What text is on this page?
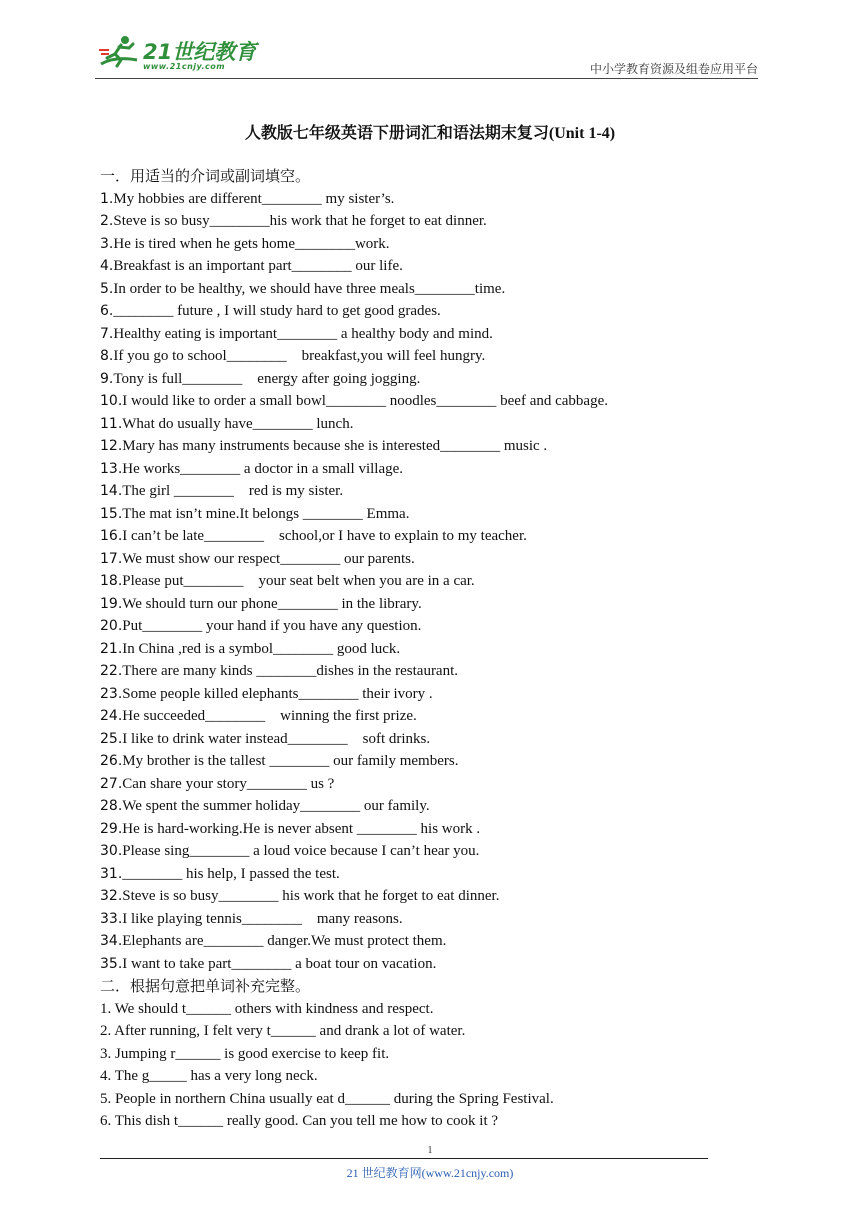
21世纪教育
www.21cnjy.com	中小学教育资源及组卷应用平台
人教版七年级英语下册词汇和语法期末复习(Unit 1-4)
一．用适当的介词或副词填空。
1.My hobbies are different________ my sister’s.
2.Steve is so busy________his work that he forget to eat dinner.
3.He is tired when he gets home________work.
4.Breakfast is an important part________ our life.
5.In order to be healthy, we should have three meals________time.
6.________ future , I will study hard to get good grades.
7.Healthy eating is important________ a healthy body and mind.
8.If you go to school________    breakfast,you will feel hungry.
9.Tony is full________    energy after going jogging.
10.I would like to order a small bowl________ noodles________ beef and cabbage.
11.What do usually have________ lunch.
12.Mary has many instruments because she is interested________ music .
13.He works________ a doctor in a small village.
14.The girl ________    red is my sister.
15.The mat isn’t mine.It belongs ________ Emma.
16.I can’t be late________    school,or I have to explain to my teacher.
17.We must show our respect________ our parents.
18.Please put________    your seat belt when you are in a car.
19.We should turn our phone________ in the library.
20.Put________ your hand if you have any question.
21.In China ,red is a symbol________ good luck.
22.There are many kinds ________dishes in the restaurant.
23.Some people killed elephants________ their ivory .
24.He succeeded________    winning the first prize.
25.I like to drink water instead________    soft drinks.
26.My brother is the tallest ________ our family members.
27.Can share your story________ us ?
28.We spent the summer holiday________ our family.
29.He is hard-working.He is never absent ________ his work .
30.Please sing________ a loud voice because I can’t hear you.
31.________ his help, I passed the test.
32.Steve is so busy________ his work that he forget to eat dinner.
33.I like playing tennis________    many reasons.
34.Elephants are________ danger.We must protect them.
35.I want to take part________ a boat tour on vacation.
二．根据句意把单词补充完整。
1. We should t______ others with kindness and respect.
2. After running, I felt very t______ and drank a lot of water.
3. Jumping r______ is good exercise to keep fit.
4. The g_____ has a very long neck.
5. People in northern China usually eat d______ during the Spring Festival.
6. This dish t______ really good. Can you tell me how to cook it ?
1
21 世纪教育网(www.21cnjy.com)
